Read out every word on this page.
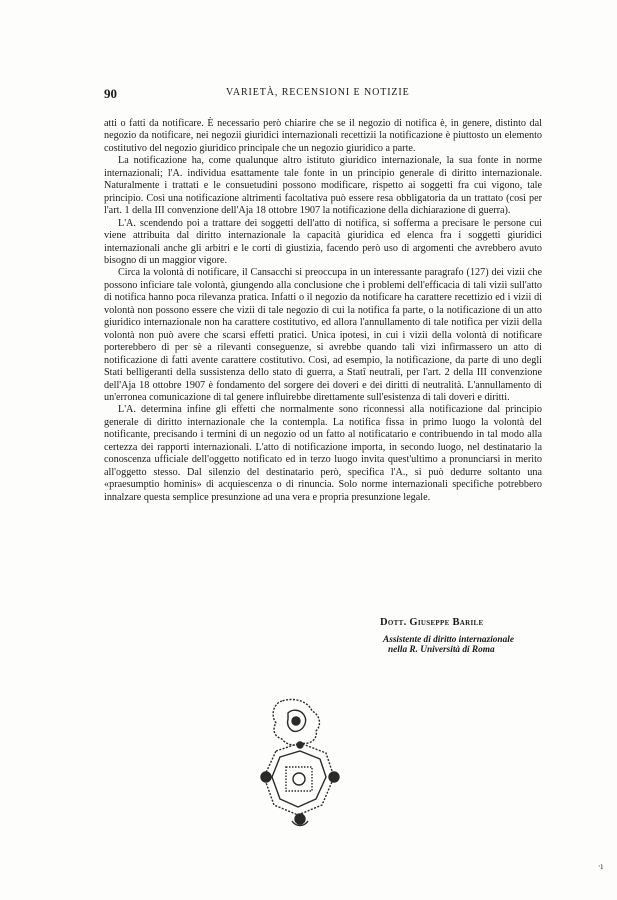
90	VARIETÀ, RECENSIONI E NOTIZIE

atti o fatti da notificare. È necessario però chiarire che se il negozio di notifica è, in genere, distinto dal negozio da notificare, nei negozii giuridici internazionali recettizii la notificazione è piuttosto un elemento costitutivo del negozio giuridico principale che un negozio giuridico a parte.

La notificazione ha, come qualunque altro istituto giuridico internazionale, la sua fonte in norme internazionali; l'A. individua esattamente tale fonte in un principio generale di diritto internazionale. Naturalmente i trattati e le consuetudini possono modificare, rispetto ai soggetti fra cui vigono, tale principio. Così una notificazione altrimenti facoltativa può essere resa obbligatoria da un trattato (così per l'art. 1 della III convenzione dell'Aja 18 ottobre 1907 la notificazione della dichiarazione di guerra).

L'A. scendendo poi a trattare dei soggetti dell'atto di notifica, si sofferma a precisare le persone cui viene attribuita dal diritto internazionale la capacità giuridica ed elenca fra i soggetti giuridici internazionali anche gli arbitri e le corti di giustizia, facendo però uso di argomenti che avrebbero avuto bisogno di un maggior vigore.

Circa la volontà di notificare, il Cansacchi si preoccupa in un interessante paragrafo (127) dei vizii che possono inficiare tale volontà, giungendo alla conclusione che i problemi dell'efficacia di tali vizii sull'atto di notifica hanno poca rilevanza pratica. Infatti o il negozio da notificare ha carattere recettizio ed i vizii di volontà non possono essere che vizii di tale negozio di cui la notifica fa parte, o la notificazione di un atto giuridico internazionale non ha carattere costitutivo, ed allora l'annullamento di tale notifica per vizii della volontà non può avere che scarsi effetti pratici. Unica ipotesi, in cui i vizii della volontà di notificare porterebbero di per sè a rilevanti conseguenze, si avrebbe quando tali vizi infirmassero un atto di notificazione di fatti avente carattere costitutivo. Così, ad esempio, la notificazione, da parte di uno degli Stati belligeranti della sussistenza dello stato di guerra, a Statî neutrali, per l'art. 2 della III convenzione dell'Aja 18 ottobre 1907 è fondamento del sorgere dei doveri e dei diritti di neutralità. L'annullamento di un'erronea comunicazione di tal genere influirebbe direttamente sull'esistenza di tali doveri e diritti.

L'A. determina infine gli effetti che normalmente sono riconnessi alla notificazione dal principio generale di diritto internazionale che la contempla. La notifica fissa in primo luogo la volontà del notificante, precisando i termini di un negozio od un fatto al notificatario e contribuendo in tal modo alla certezza dei rapporti internazionali. L'atto di notificazione importa, in secondo luogo, nel destinatario la conoscenza ufficiale dell'oggetto notificato ed in terzo luogo invita quest'ultimo a pronunciarsi in merito all'oggetto stesso. Dal silenzio del destinatario però, specifica l'A., si può dedurre soltanto una «praesumptio hominis» di acquiescenza o di rinuncia. Solo norme internazionali specifiche potrebbero innalzare questa semplice presunzione ad una vera e propria presunzione legale.

Dott. Giuseppe Barile
Assistente di diritto internazionale
nella R. Università di Roma
·ı
